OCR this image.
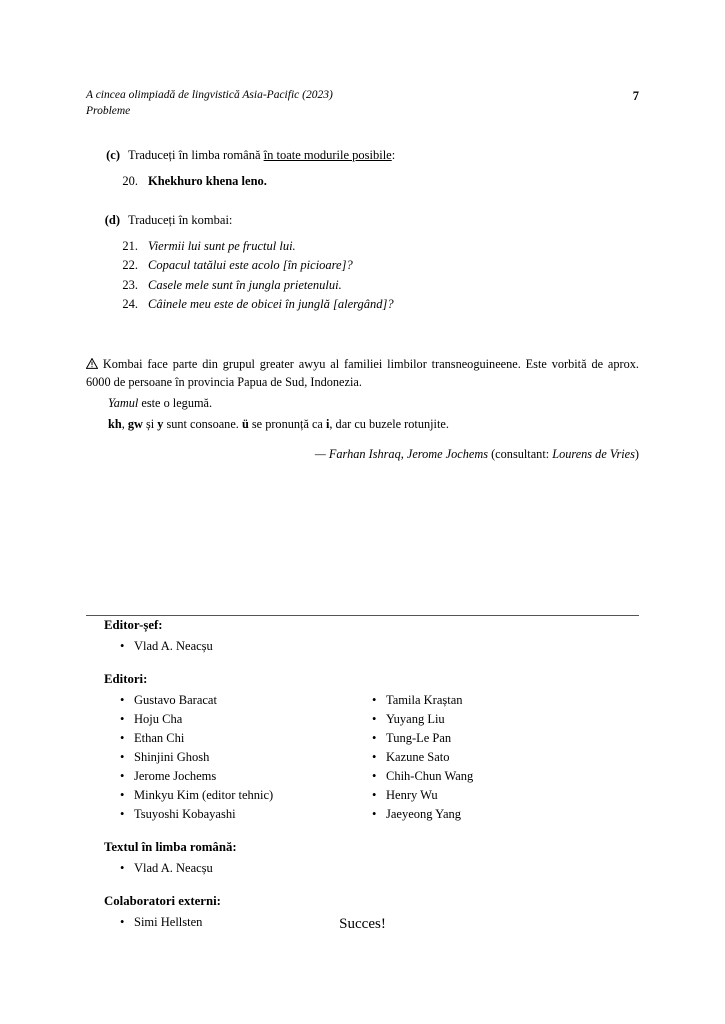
A cincea olimpiadă de lingvistică Asia-Pacific (2023)
Probleme
7
(c) Traduceți în limba română în toate modurile posibile:
20. Khekhuro khena leno.
(d) Traduceți în kombai:
21. Viermii lui sunt pe fructul lui.
22. Copacul tatălui este acolo [în picioare]?
23. Casele mele sunt în jungla prietenului.
24. Câinele meu este de obicei în junglă [alergând]?
Kombai face parte din grupul greater awyu al familiei limbilor transneoguineene. Este vorbită de aprox. 6000 de persoane în provincia Papua de Sud, Indonezia.
Yamul este o legumă.
kh, gw și y sunt consoane. ü se pronunță ca i, dar cu buzele rotunjite.
— Farhan Ishraq, Jerome Jochems (consultant: Lourens de Vries)
Editor-șef:
• Vlad A. Neacșu
Editori:
• Gustavo Baracat
• Hoju Cha
• Ethan Chi
• Shinjini Ghosh
• Jerome Jochems
• Minkyu Kim (editor tehnic)
• Tsuyoshi Kobayashi
• Tamila Kraștan
• Yuyang Liu
• Tung-Le Pan
• Kazune Sato
• Chih-Chun Wang
• Henry Wu
• Jaeyeong Yang
Textul în limba română:
• Vlad A. Neacșu
Colaboratori externi:
• Simi Hellsten	Succes!
